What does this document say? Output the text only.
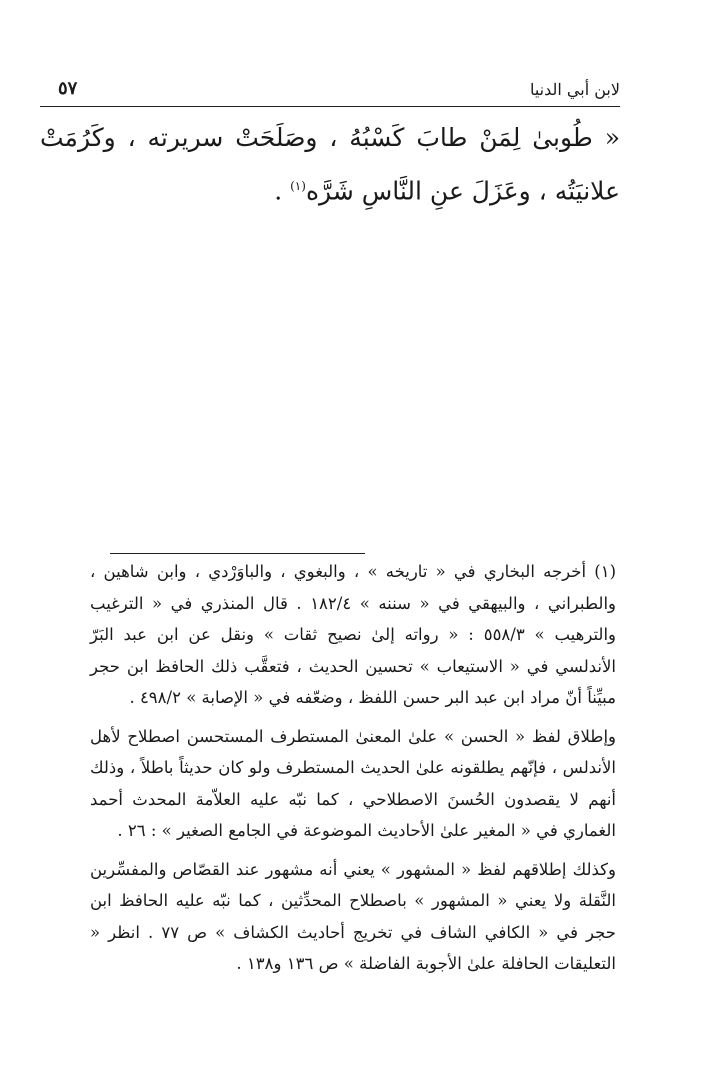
لابن أبي الدنيا
٥٧
« طُوبىٰ لِمَنْ طابَ كَسْبُهُ ، وصَلَحَتْ سريرته ، وكَرُمَتْ علانيَتُه ، وعَزَلَ عنِ النَّاسِ شَرَّه$^{(١)}$ .

(١) أخرجه البخاري في « تاريخه » ، والبغوي ، والباوَرْدي ، وابن شاهين ، والطبراني ، والبيهقي في « سننه » ١٨٢/٤ . قال المنذري في « الترغيب والترهيب » ٥٥٨/٣ : « رواته إلىٰ نصيح ثقات » ونقل عن ابن عبد البَرّ الأندلسي في « الاستيعاب » تحسين الحديث ، فتعقَّب ذلك الحافظ ابن حجر مبيِّناً أنّ مراد ابن عبد البر حسن اللفظ ، وضعّفه في « الإصابة » ٤٩٨/٢ .

وإطلاق لفظ « الحسن » علىٰ المعنىٰ المستطرف المستحسن اصطلاح لأهل الأندلس ، فإنّهم يطلقونه علىٰ الحديث المستطرف ولو كان حديثاً باطلاً ، وذلك أنهم لا يقصدون الحُسنَ الاصطلاحي ، كما نبّه عليه العلاّمة المحدث أحمد الغماري في « المغير علىٰ الأحاديث الموضوعة في الجامع الصغير » : ٢٦ .

وكذلك إطلاقهم لفظ « المشهور » يعني أنه مشهور عند القصّاص والمفسِّرين النَّقلة ولا يعني « المشهور » باصطلاح المحدِّثين ، كما نبّه عليه الحافظ ابن حجر في « الكافي الشاف في تخريج أحاديث الكشاف » ص ٧٧ . انظر « التعليقات الحافلة علىٰ الأجوبة الفاضلة » ص ١٣٦ و١٣٨ .
